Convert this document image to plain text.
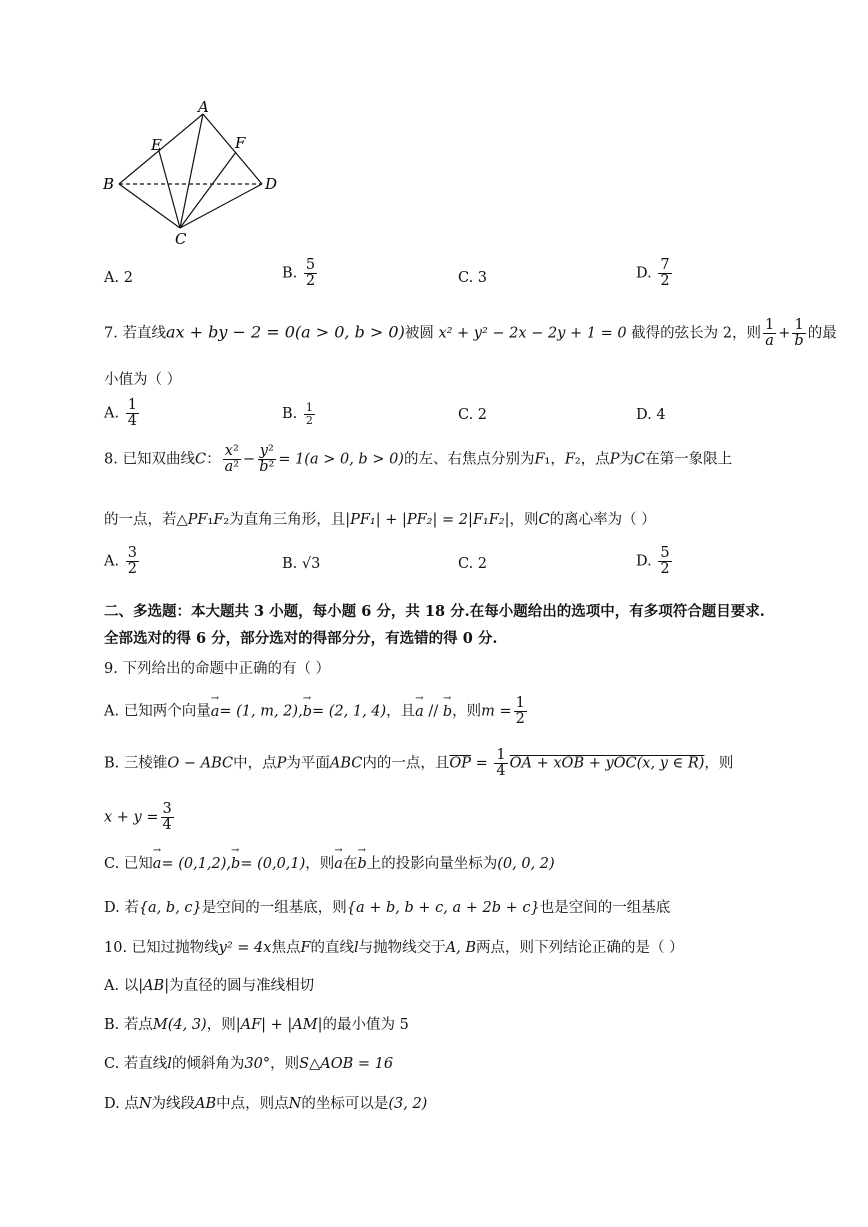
A
E	F
B	D
C
A. 2	B. $\frac{5}{2}$	C. 3	D. $\frac{7}{2}$
7. 若直线ax + by − 2 = 0(a > 0, b > 0)被圆 x² + y² − 2x − 2y + 1 = 0 截得的弦长为 2，则 $\frac{1}{a} + \frac{1}{b}$ 的最
小值为（ ）
A. $\frac{1}{4}$	B. $\frac{1}{2}$	C. 2	D. 4
8. 已知双曲线C： $\frac{\text{x²}}{\text{a²}} - \frac{\text{y²}}{\text{b²}} = 1(a > 0$, b > 0)的左、右焦点分别为F₁，F₂，点P为C在第一象限上
的一点，若△PF₁F₂为直角三角形，且|PF₁| + |PF₂| = 2|F₁F₂|，则C的离心率为（ ）
A. $\frac{3}{2}$	B. √3	C. 2	D. $\frac{5}{2}$
二、多选题：本大题共 3 小题，每小题 6 分，共 18 分.在每小题给出的选项中，有多项符合题目要求.
全部选对的得 6 分，部分选对的得部分分，有选错的得 0 分.
9. 下列给出的命题中正确的有（ ）
A. 已知两个向量→ a= (1, m, 2),→ b= (2, 1, 4)，且→ a // → b，则$m = \frac{1}{2}$
B. 三棱锥O − ABC中，点P为平面ABC内的一点，且$\overline{OP} = \frac{1}{4}$ OA + xOB + yOC(x, y ∈ R)，则
$x + y = \frac{3}{4}$
C. 已知→ a= (0,1,2),→ b= (0,0,1)，则→ a在→ b上的投影向量坐标为(0, 0, 2)
D. 若{a, b, c}是空间的一组基底，则{a + b, b + c, a + 2b + c}也是空间的一组基底
10. 已知过抛物线y² = 4x焦点F的直线l与抛物线交于A, B两点，则下列结论正确的是（ ）
A. 以|AB|为直径的圆与准线相切
B. 若点M(4, 3)，则|AF| + |AM|的最小值为 5
C. 若直线l的倾斜角为30°，则S△AOB = 16
D. 点N为线段AB中点，则点N的坐标可以是(3, 2)
